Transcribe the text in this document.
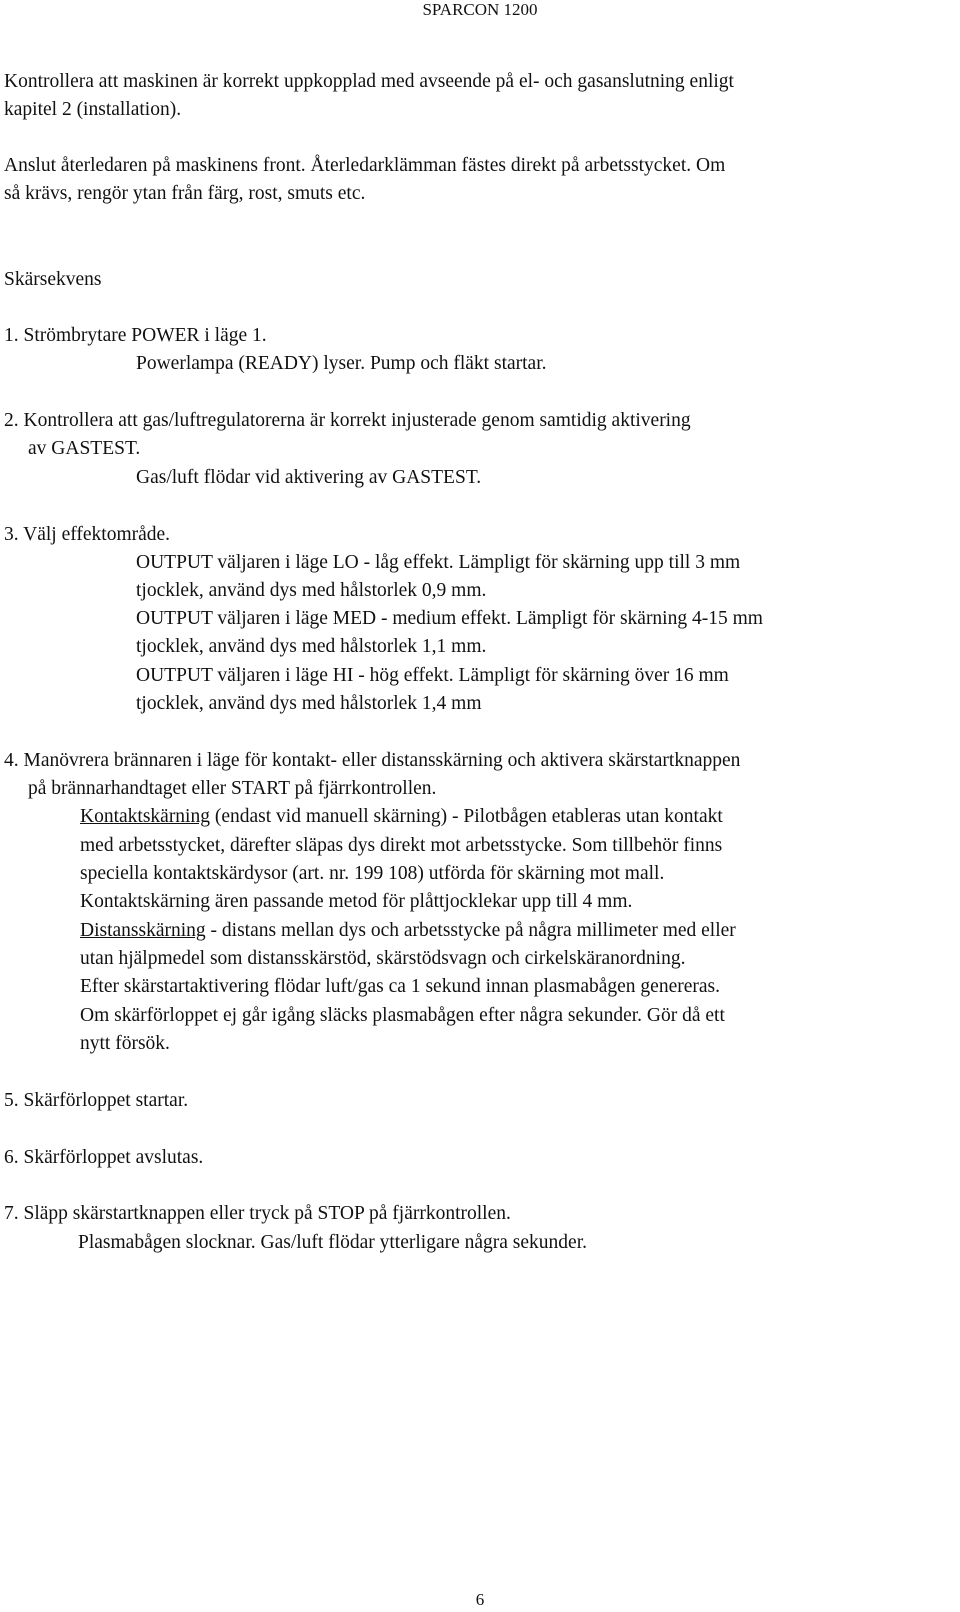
SPARCON 1200
Kontrollera att maskinen är korrekt uppkopplad med avseende på el- och gasanslutning enligt
kapitel 2 (installation).
Anslut återledaren på maskinens front. Återledarklämman fästes direkt på arbetsstycket. Om
så krävs, rengör ytan från färg, rost, smuts etc.
Skärsekvens
1. Strömbrytare POWER i läge 1.
Powerlampa (READY) lyser. Pump och fläkt startar.
2. Kontrollera att gas/luftregulatorerna är korrekt injusterade genom samtidig aktivering
av GASTEST.
Gas/luft flödar vid aktivering av GASTEST.
3. Välj effektområde.
OUTPUT väljaren i läge LO - låg effekt. Lämpligt för skärning upp till 3 mm
tjocklek, använd dys med hålstorlek 0,9 mm.
OUTPUT väljaren i läge MED - medium effekt. Lämpligt för skärning 4-15 mm
tjocklek, använd dys med hålstorlek 1,1 mm.
OUTPUT väljaren i läge HI - hög effekt. Lämpligt för skärning över 16 mm
tjocklek, använd dys med hålstorlek 1,4 mm
4. Manövrera brännaren i läge för kontakt- eller distansskärning och aktivera skärstartknappen
på brännarhandtaget eller START på fjärrkontrollen.
Kontaktskärning (endast vid manuell skärning) - Pilotbågen etableras utan kontakt
med arbetsstycket, därefter släpas dys direkt mot arbetsstycke. Som tillbehör finns
speciella kontaktskärdysor (art. nr. 199 108) utförda för skärning mot mall.
Kontaktskärning ären passande metod för plåttjocklekar upp till 4 mm.
Distansskärning - distans mellan dys och arbetsstycke på några millimeter med eller
utan hjälpmedel som distansskärstöd, skärstödsvagn och cirkelskäranordning.
Efter skärstartaktivering flödar luft/gas ca 1 sekund innan plasmabågen genereras.
Om skärförloppet ej går igång släcks plasmabågen efter några sekunder. Gör då ett
nytt försök.
5. Skärförloppet startar.
6. Skärförloppet avslutas.
7. Släpp skärstartknappen eller tryck på STOP på fjärrkontrollen.
Plasmabågen slocknar. Gas/luft flödar ytterligare några sekunder.
6
